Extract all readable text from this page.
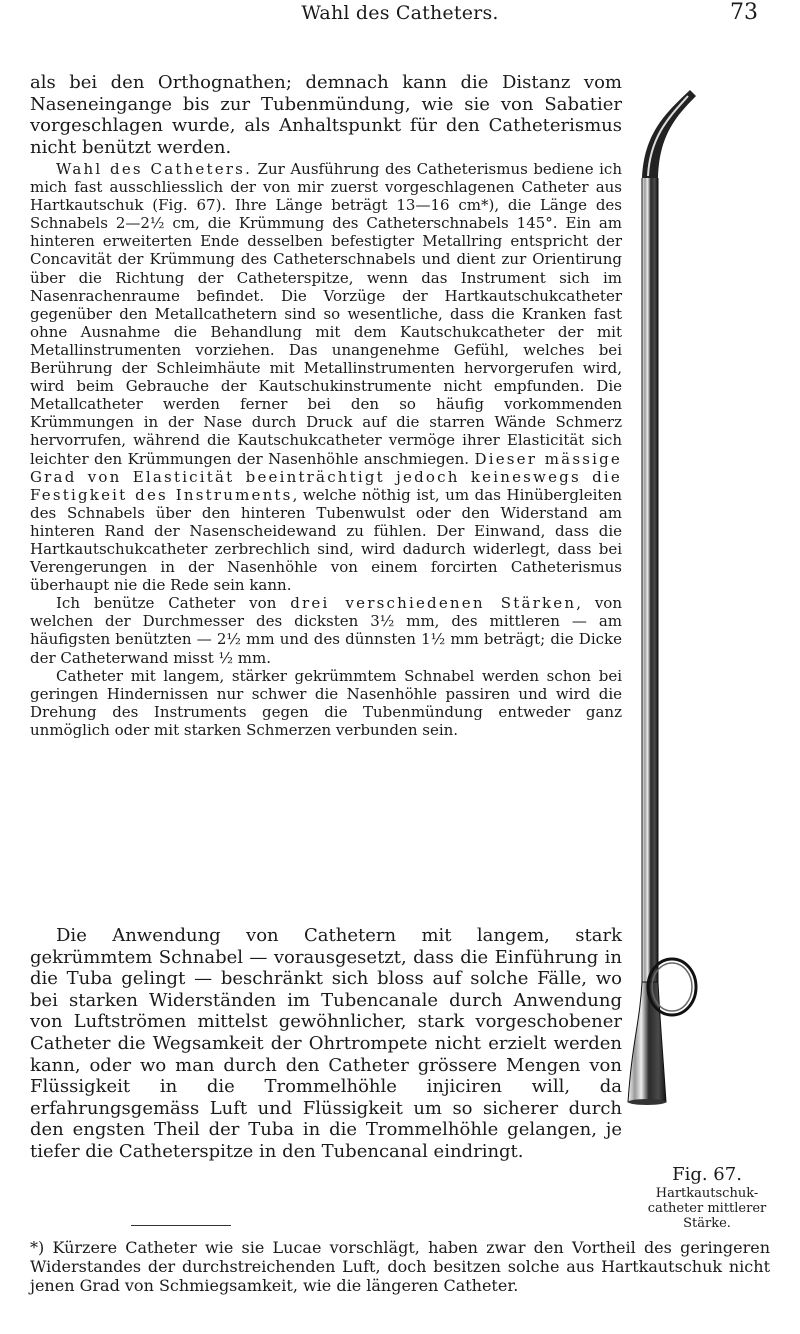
Wahl des Catheters.	73

als bei den Orthognathen; demnach kann die Distanz vom Naseneingange bis zur Tubenmündung, wie sie von Sabatier vorgeschlagen wurde, als Anhaltspunkt für den Catheterismus nicht benützt werden.

Wahl des Catheters. Zur Ausführung des Catheterismus bediene ich mich fast ausschliesslich der von mir zuerst vorgeschlagenen Catheter aus Hartkautschuk (Fig. 67). Ihre Länge beträgt 13—16 cm*), die Länge des Schnabels 2—2½ cm, die Krümmung des Catheterschnabels 145°. Ein am hinteren erweiterten Ende desselben befestigter Metallring entspricht der Concavität der Krümmung des Catheterschnabels und dient zur Orientirung über die Richtung der Catheterspitze, wenn das Instrument sich im Nasenrachenraume befindet. Die Vorzüge der Hartkautschukcatheter gegenüber den Metallcathetern sind so wesentliche, dass die Kranken fast ohne Ausnahme die Behandlung mit dem Kautschukcatheter der mit Metallinstrumenten vorziehen. Das unangenehme Gefühl, welches bei Berührung der Schleimhäute mit Metallinstrumenten hervorgerufen wird, wird beim Gebrauche der Kautschukinstrumente nicht empfunden. Die Metallcatheter werden ferner bei den so häufig vorkommenden Krümmungen in der Nase durch Druck auf die starren Wände Schmerz hervorrufen, während die Kautschukcatheter vermöge ihrer Elasticität sich leichter den Krümmungen der Nasenhöhle anschmiegen. Dieser mässige Grad von Elasticität beeinträchtigt jedoch keineswegs die Festigkeit des Instruments, welche nöthig ist, um das Hinübergleiten des Schnabels über den hinteren Tubenwulst oder den Widerstand am hinteren Rand der Nasenscheidewand zu fühlen. Der Einwand, dass die Hartkautschukcatheter zerbrechlich sind, wird dadurch widerlegt, dass bei Verengerungen in der Nasenhöhle von einem forcirten Catheterismus überhaupt nie die Rede sein kann.

Ich benütze Catheter von drei verschiedenen Stärken, von welchen der Durchmesser des dicksten 3½ mm, des mittleren — am häufigsten benützten — 2½ mm und des dünnsten 1½ mm beträgt; die Dicke der Catheterwand misst ½ mm.

Catheter mit langem, stärker gekrümmtem Schnabel werden schon bei geringen Hindernissen nur schwer die Nasenhöhle passiren und wird die Drehung des Instruments gegen die Tubenmündung entweder ganz unmöglich oder mit starken Schmerzen verbunden sein.

Die Anwendung von Cathetern mit langem, stark gekrümmtem Schnabel — vorausgesetzt, dass die Einführung in die Tuba gelingt — beschränkt sich bloss auf solche Fälle, wo bei starken Widerständen im Tubencanale durch Anwendung von Luftströmen mittelst gewöhnlicher, stark vorgeschobener Catheter die Wegsamkeit der Ohrtrompete nicht erzielt werden kann, oder wo man durch den Catheter grössere Mengen von Flüssigkeit in die Trommelhöhle injiciren will, da erfahrungsgemäss Luft und Flüssigkeit um so sicherer durch den engsten Theil der Tuba in die Trommelhöhle gelangen, je tiefer die Catheterspitze in den Tubencanal eindringt.

*) Kürzere Catheter wie sie Lucae vorschlägt, haben zwar den Vortheil des geringeren Widerstandes der durchstreichenden Luft, doch besitzen solche aus Hartkautschuk nicht jenen Grad von Schmiegsamkeit, wie die längeren Catheter.
Fig. 67.
Hartkautschuk-
catheter mittlerer
Stärke.
